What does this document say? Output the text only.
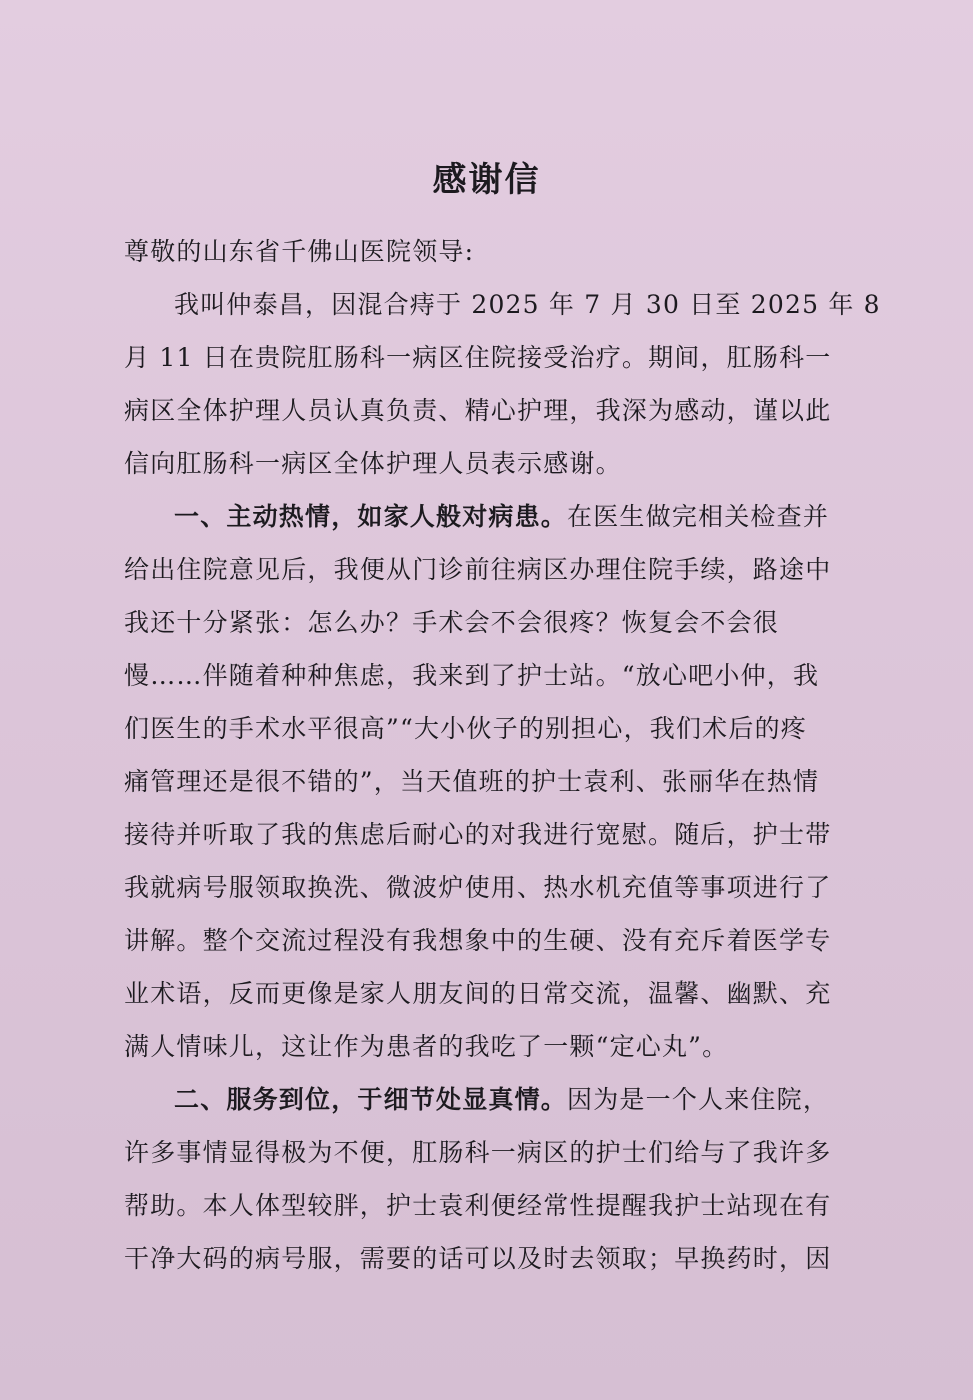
感谢信
尊敬的山东省千佛山医院领导:
我叫仲泰昌，因混合痔于 2025 年 7 月 30 日至 2025 年 8
月 11 日在贵院肛肠科一病区住院接受治疗。期间，肛肠科一
病区全体护理人员认真负责、精心护理，我深为感动，谨以此
信向肛肠科一病区全体护理人员表示感谢。
一、主动热情，如家人般对病患。在医生做完相关检查并
给出住院意见后，我便从门诊前往病区办理住院手续，路途中
我还十分紧张：怎么办？手术会不会很疼？恢复会不会很
慢……伴随着种种焦虑，我来到了护士站。“放心吧小仲，我
们医生的手术水平很高”“大小伙子的别担心，我们术后的疼
痛管理还是很不错的”，当天值班的护士袁利、张丽华在热情
接待并听取了我的焦虑后耐心的对我进行宽慰。随后，护士带
我就病号服领取换洗、微波炉使用、热水机充值等事项进行了
讲解。整个交流过程没有我想象中的生硬、没有充斥着医学专
业术语，反而更像是家人朋友间的日常交流，温馨、幽默、充
满人情味儿，这让作为患者的我吃了一颗“定心丸”。
二、服务到位，于细节处显真情。因为是一个人来住院，
许多事情显得极为不便，肛肠科一病区的护士们给与了我许多
帮助。本人体型较胖，护士袁利便经常性提醒我护士站现在有
干净大码的病号服，需要的话可以及时去领取；早换药时，因
